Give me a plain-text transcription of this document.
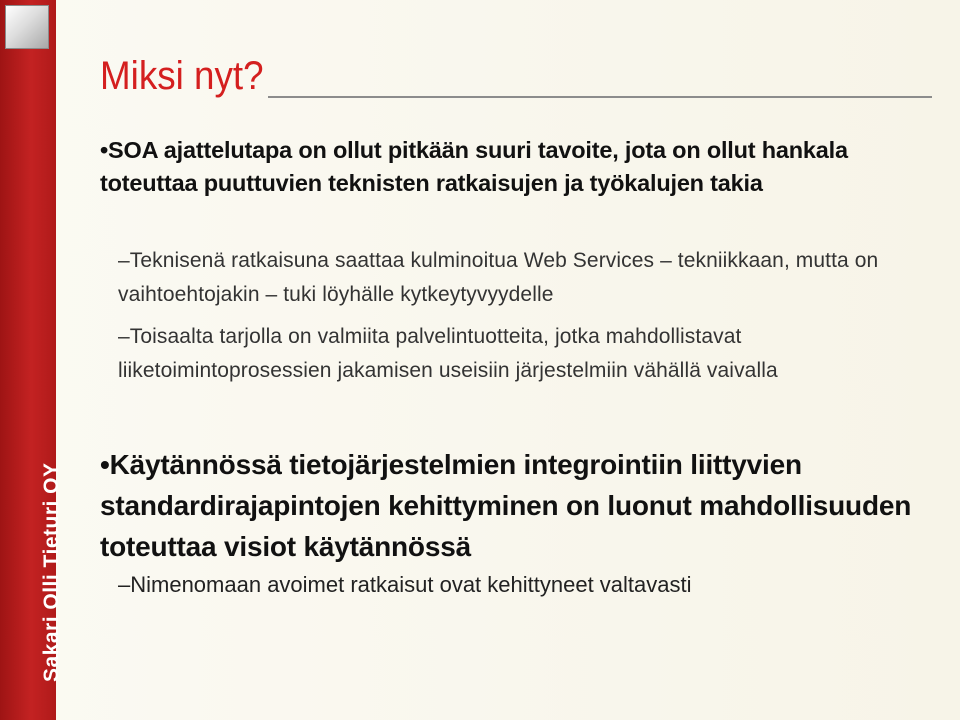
Sakari Olli Tieturi OY
Miksi nyt?
•SOA ajattelutapa on ollut pitkään suuri tavoite, jota on ollut hankala toteuttaa puuttuvien teknisten ratkaisujen ja työkalujen takia
–Teknisenä ratkaisuna saattaa kulminoitua Web Services – tekniikkaan, mutta on vaihtoehtojakin – tuki löyhälle kytkeytyvyydelle
–Toisaalta tarjolla on valmiita palvelintuotteita, jotka mahdollistavat liiketoimintoprosessien jakamisen useisiin järjestelmiin vähällä vaivalla
•Käytännössä tietojärjestelmien integrointiin liittyvien standardirajapintojen kehittyminen on luonut mahdollisuuden toteuttaa visiot käytännössä
–Nimenomaan avoimet ratkaisut ovat kehittyneet valtavasti
